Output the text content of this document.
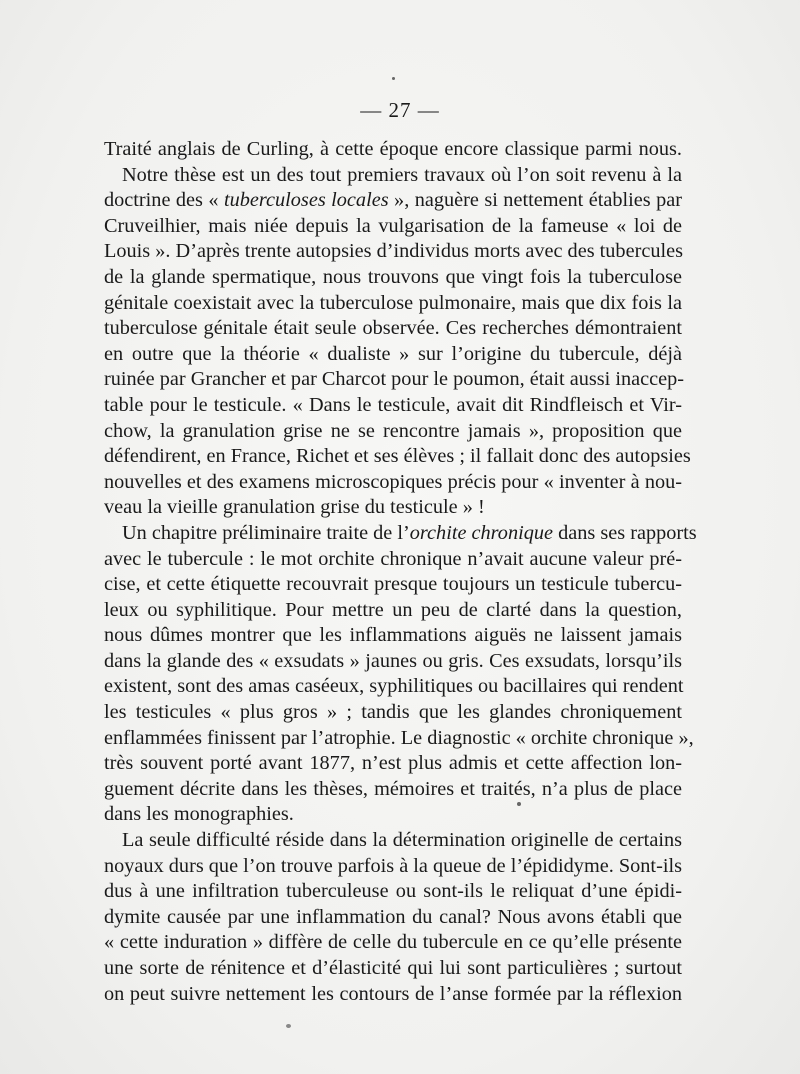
— 27 —
Traité anglais de Curling, à cette époque encore classique parmi nous.
Notre thèse est un des tout premiers travaux où l’on soit revenu à la
doctrine des « tuberculoses locales », naguère si nettement établies par
Cruveilhier, mais niée depuis la vulgarisation de la fameuse « loi de
Louis ». D’après trente autopsies d’individus morts avec des tubercules
de la glande spermatique, nous trouvons que vingt fois la tuberculose
génitale coexistait avec la tuberculose pulmonaire, mais que dix fois la
tuberculose génitale était seule observée. Ces recherches démontraient
en outre que la théorie « dualiste » sur l’origine du tubercule, déjà
ruinée par Grancher et par Charcot pour le poumon, était aussi inaccep-
table pour le testicule. « Dans le testicule, avait dit Rindfleisch et Vir-
chow, la granulation grise ne se rencontre jamais », proposition que
défendirent, en France, Richet et ses élèves ; il fallait donc des autopsies
nouvelles et des examens microscopiques précis pour « inventer à nou-
veau la vieille granulation grise du testicule » !
Un chapitre préliminaire traite de l’orchite chronique dans ses rapports
avec le tubercule : le mot orchite chronique n’avait aucune valeur pré-
cise, et cette étiquette recouvrait presque toujours un testicule tubercu-
leux ou syphilitique. Pour mettre un peu de clarté dans la question,
nous dûmes montrer que les inflammations aiguës ne laissent jamais
dans la glande des « exsudats » jaunes ou gris. Ces exsudats, lorsqu’ils
existent, sont des amas caséeux, syphilitiques ou bacillaires qui rendent
les testicules « plus gros » ; tandis que les glandes chroniquement
enflammées finissent par l’atrophie. Le diagnostic « orchite chronique »,
très souvent porté avant 1877, n’est plus admis et cette affection lon-
guement décrite dans les thèses, mémoires et traités, n’a plus de place
dans les monographies.
La seule difficulté réside dans la détermination originelle de certains
noyaux durs que l’on trouve parfois à la queue de l’épididyme. Sont-ils
dus à une infiltration tuberculeuse ou sont-ils le reliquat d’une épidi-
dymite causée par une inflammation du canal? Nous avons établi que
« cette induration » diffère de celle du tubercule en ce qu’elle présente
une sorte de rénitence et d’élasticité qui lui sont particulières ; surtout
on peut suivre nettement les contours de l’anse formée par la réflexion
